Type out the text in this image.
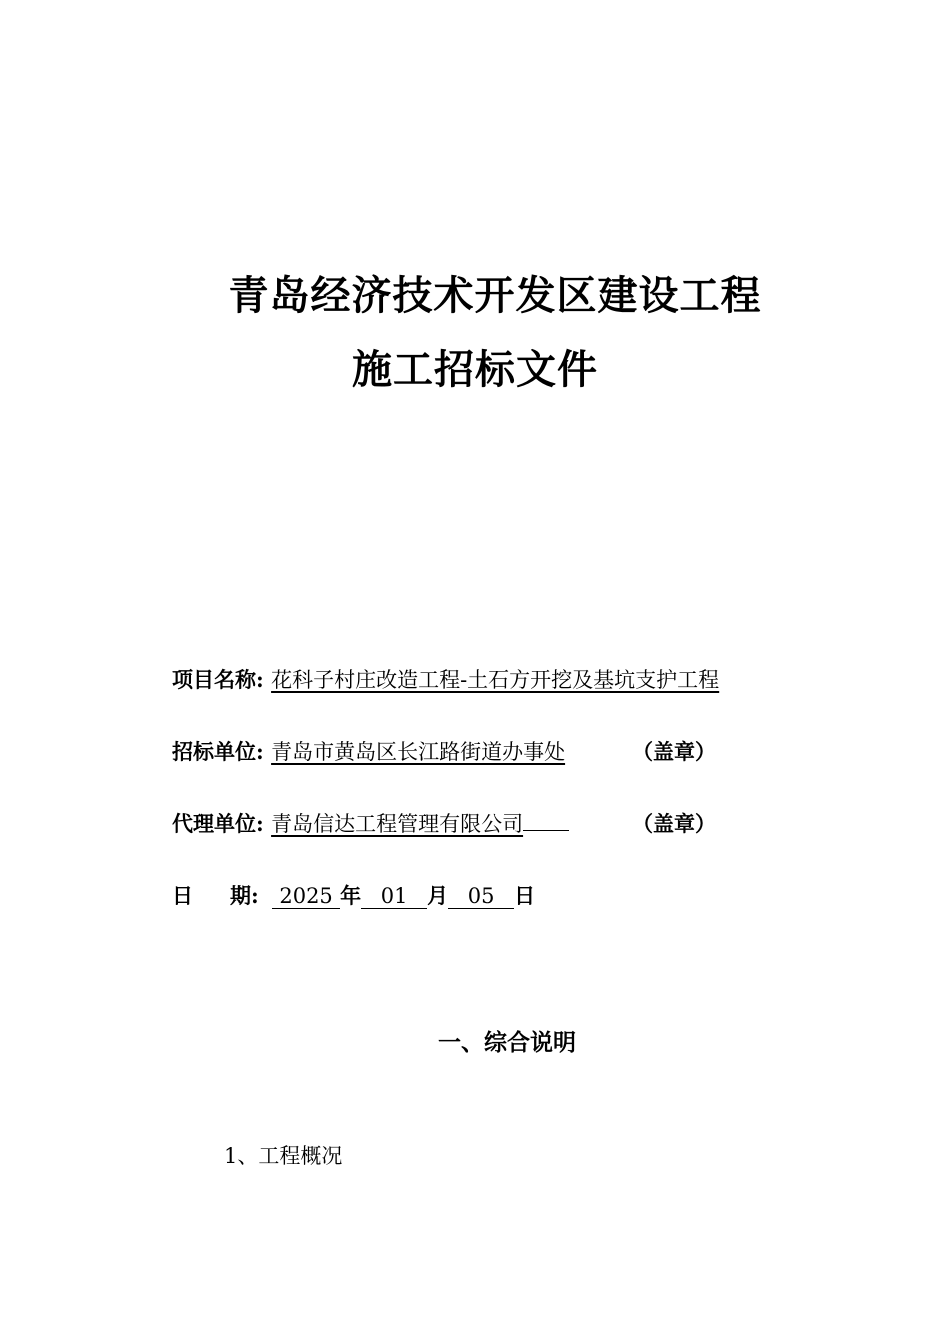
青岛经济技术开发区建设工程
施工招标文件
项目名称: 花科子村庄改造工程-土石方开挖及基坑支护工程
招标单位: 青岛市黄岛区长江路街道办事处	（盖章）
代理单位: 青岛信达工程管理有限公司	（盖章）
日 期: 2025 年 01 月 05 日
一、综合说明
1、工程概况
